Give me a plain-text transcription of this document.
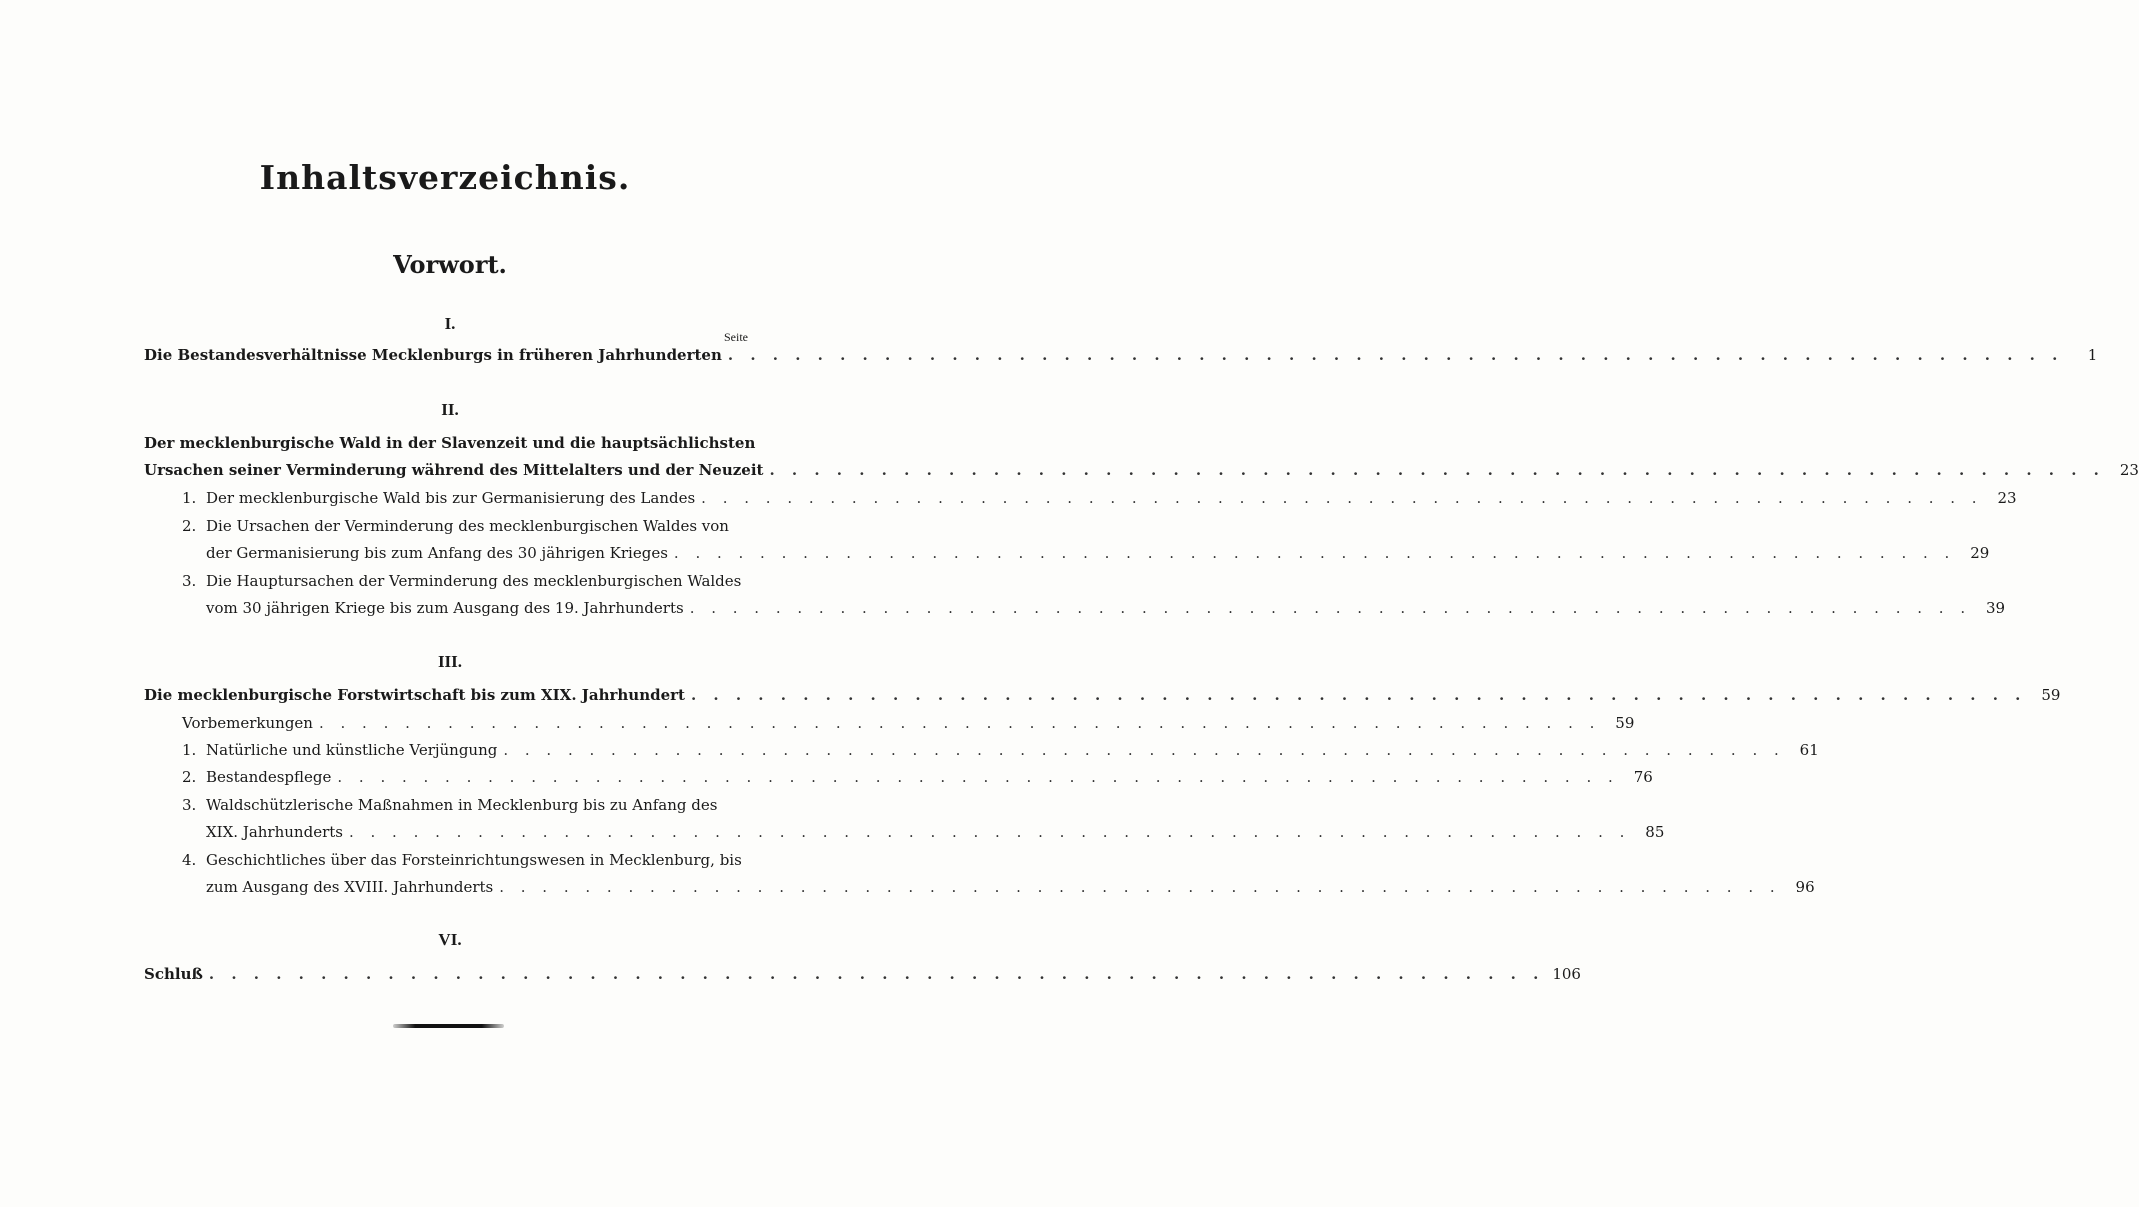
Inhaltsverzeichnis.
Vorwort.
I.
Seite
Die Bestandesverhältnisse Mecklenburgs in früheren Jahrhunderten . . .	1
II.
Der mecklenburgische Wald in der Slavenzeit und die hauptsächlichsten
Ursachen seiner Verminderung während des Mittelalters und der Neuzeit . . .	23
1. Der mecklenburgische Wald bis zur Germanisierung des Landes . . .	23
2. Die Ursachen der Verminderung des mecklenburgischen Waldes von
der Germanisierung bis zum Anfang des 30 jährigen Krieges . . .	29
3. Die Hauptursachen der Verminderung des mecklenburgischen Waldes
vom 30 jährigen Kriege bis zum Ausgang des 19. Jahrhunderts . . .	39
III.
Die mecklenburgische Forstwirtschaft bis zum XIX. Jahrhundert . . .	59
Vorbemerkungen . . .	59
1. Natürliche und künstliche Verjüngung . . .	61
2. Bestandespflege . . .	76
3. Waldschützlerische Maßnahmen in Mecklenburg bis zu Anfang des
XIX. Jahrhunderts . . .	85
4. Geschichtliches über das Forsteinrichtungswesen in Mecklenburg, bis
zum Ausgang des XVIII. Jahrhunderts . . .	96
VI.
Schluß . . .	106
